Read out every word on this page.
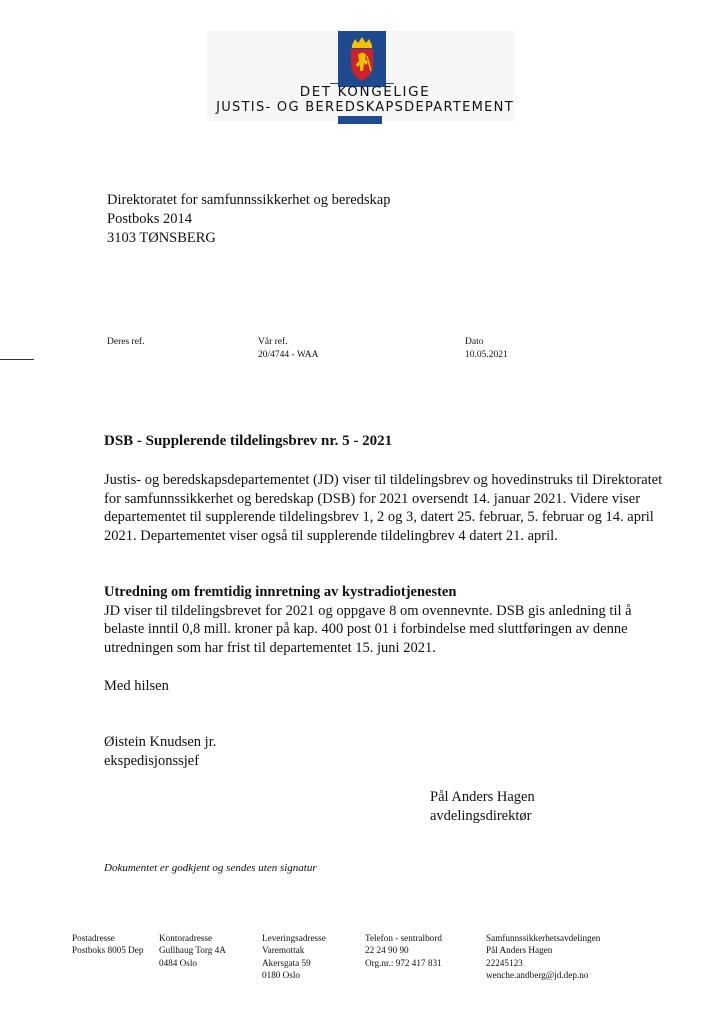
DET KONGELIGE
JUSTIS- OG BEREDSKAPSDEPARTEMENT
Direktoratet for samfunnssikkerhet og beredskap
Postboks 2014
3103 TØNSBERG
Deres ref.	Vår ref.
20/4744 - WAA
Dato
10.05.2021
DSB - Supplerende tildelingsbrev nr. 5 - 2021
Justis- og beredskapsdepartementet (JD) viser til tildelingsbrev og hovedinstruks til Direktoratet for samfunnssikkerhet og beredskap (DSB) for 2021 oversendt 14. januar 2021. Videre viser departementet til supplerende tildelingsbrev 1, 2 og 3, datert 25. februar, 5. februar og 14. april 2021. Departementet viser også til supplerende tildelingbrev 4 datert 21. april.
Utredning om fremtidig innretning av kystradiotjenesten
JD viser til tildelingsbrevet for 2021 og oppgave 8 om ovennevnte. DSB gis anledning til å belaste inntil 0,8 mill. kroner på kap. 400 post 01 i forbindelse med sluttføringen av denne utredningen som har frist til departementet 15. juni 2021.
Med hilsen
Øistein Knudsen jr.
ekspedisjonssjef
Pål Anders Hagen
avdelingsdirektør
Dokumentet er godkjent og sendes uten signatur
Postadresse
Postboks 8005 Dep
Kontoradresse
Gullhaug Torg 4A
0484 Oslo
Leveringsadresse
Varemottak
Akersgata 59
0180 Oslo
Telefon - sentralbord
22 24 90 90
Org.nr.: 972 417 831
Samfunnssikkerhetsavdelingen
Pål Anders Hagen
22245123
wenche.andberg@jd.dep.no
